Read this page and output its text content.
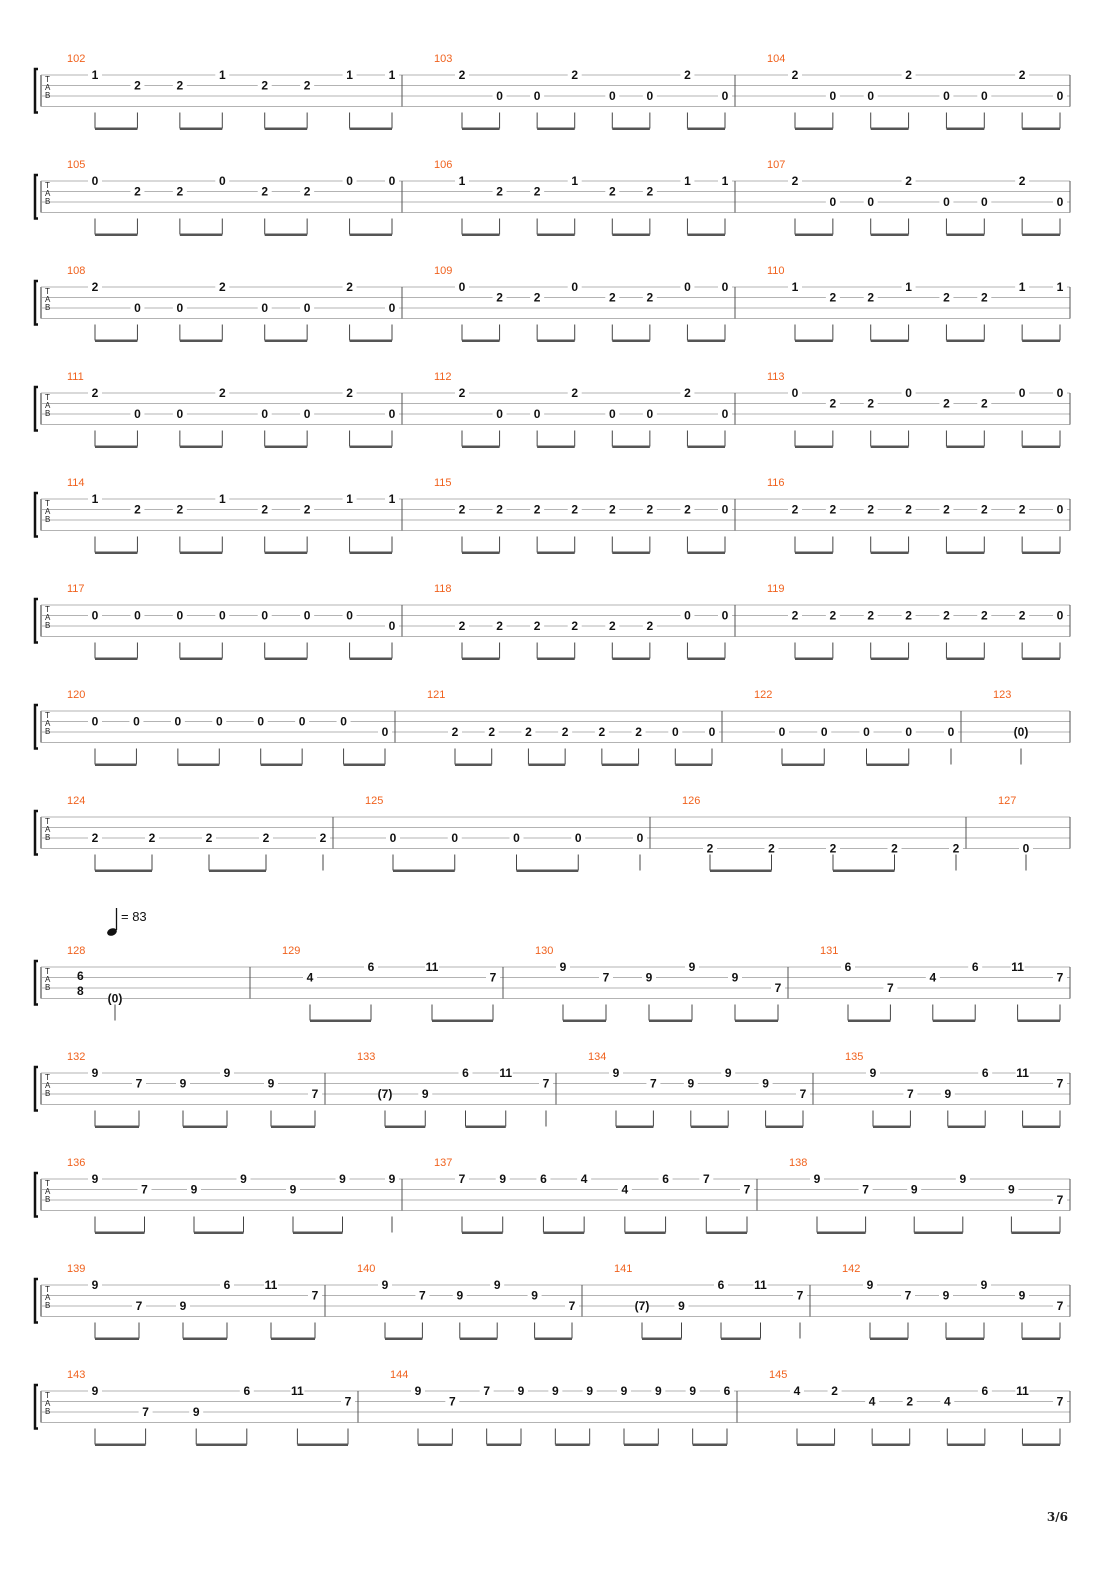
= 83
T
A
B
102
1
2	2
1
2	2
1	1
103
2
0	0
2
0	0
2
0
104
2
0	0
2
0	0
2
0
T
A
B
105
0
2	2
0
2	2
0	0
106
1
2	2
1
2	2
1	1
107
2
0	0
2
0	0
2
0
T
A
B
108
2
0	0
2
0	0
2
0
109
0
2	2
0
2	2
0	0
110
1
2	2
1
2	2
1	1
T
A
B
111
2
0	0
2
0	0
2
0
112
2
0	0
2
0	0
2
0
113
0
2	2
0
2	2
0	0
T
A
B
114
1
2	2
1
2	2
1	1
115
2	2	2	2	2	2	2	0
116
2	2	2	2	2	2	2	0
T
A
B
117
0	0	0	0	0	0	0
0
118
2	2	2	2	2	2
0	0
119
2	2	2	2	2	2	2	0
T
A
B
120
0	0	0	0	0	0	0
0
121
2	2	2	2	2	2	0	0
122
0	0	0	0	0
123
(0)
T
A
B
124
2	2	2	2	2
125
0	0	0	0	0
126
2	2	2	2	2
127
0
T
A
B
128
6
8
(0)
129
4
6	11
7
130
9
7	9
9
9
7
131
6
7
4
6	11
7
T
A
B
132
9
7	9
9
9
7
133
(7) 9
6	11
7
134
9
7	9
9
9
7
135
9
7	9
6 11
7
T
A
B
136
9
7	9
9
9
9	9
137
7	9	6	4
4
6	7
7
138
9
7	9
9
9
7
T
A
B
139
9
7	9
6	11
7
140
9
7	9
9
9
7
141
(7) 9
6 11
7
142
9
7	9
9
9
7
T
A
B
143
9
7	9
6	11
7
144
9
7
7 9 9 9 9 9 9 6
145
4	2
4	2	4
6 11
7
3/6
